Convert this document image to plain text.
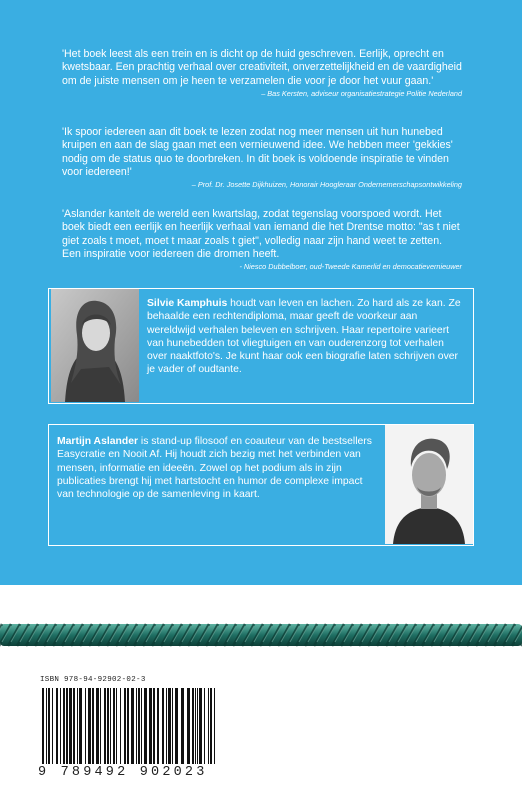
'Het boek leest als een trein en is dicht op de huid geschreven. Eerlijk, oprecht en kwetsbaar. Een prachtig verhaal over creativiteit, onverzettelijkheid en de vaardigheid om de juiste mensen om je heen te verzamelen die voor je door het vuur gaan.'
– Bas Kersten, adviseur organisatiestrategie Politie Nederland
'Ik spoor iedereen aan dit boek te lezen zodat nog meer mensen uit hun hunebed kruipen en aan de slag gaan met een vernieuwend idee. We hebben meer 'gekkies' nodig om de status quo te doorbreken. In dit boek is voldoende inspiratie te vinden voor iedereen!'
– Prof. Dr. Josette Dijkhuizen, Honorair Hoogleraar Ondernemerschapsontwikkeling
'Aslander kantelt de wereld een kwartslag, zodat tegenslag voorspoed wordt. Het boek biedt een eerlijk en heerlijk verhaal van iemand die het Drentse motto: "as t niet giet zoals t moet, moet t maar zoals t giet", volledig naar zijn hand weet te zetten. Een inspiratie voor iedereen die dromen heeft.
- Niesco Dubbelboer, oud-Tweede Kamerlid en democatievernieuwer
Silvie Kamphuis houdt van leven en lachen. Zo hard als ze kan. Ze behaalde een rechtendiploma, maar geeft de voorkeur aan wereldwijd verhalen beleven en schrijven. Haar repertoire varieert van hunebedden tot vliegtuigen en van ouderenzorg tot verhalen over naaktfoto's. Je kunt haar ook een biografie laten schrijven over je vader of oudtante.
Martijn Aslander is stand-up filosoof en coauteur van de bestsellers Easycratie en Nooit Af. Hij houdt zich bezig met het verbinden van mensen, informatie en ideeën. Zowel op het podium als in zijn publicaties brengt hij met hartstocht en humor de complexe impact van technologie op de samenleving in kaart.
ISBN 978-94-92902-02-3
9 789492 902023
